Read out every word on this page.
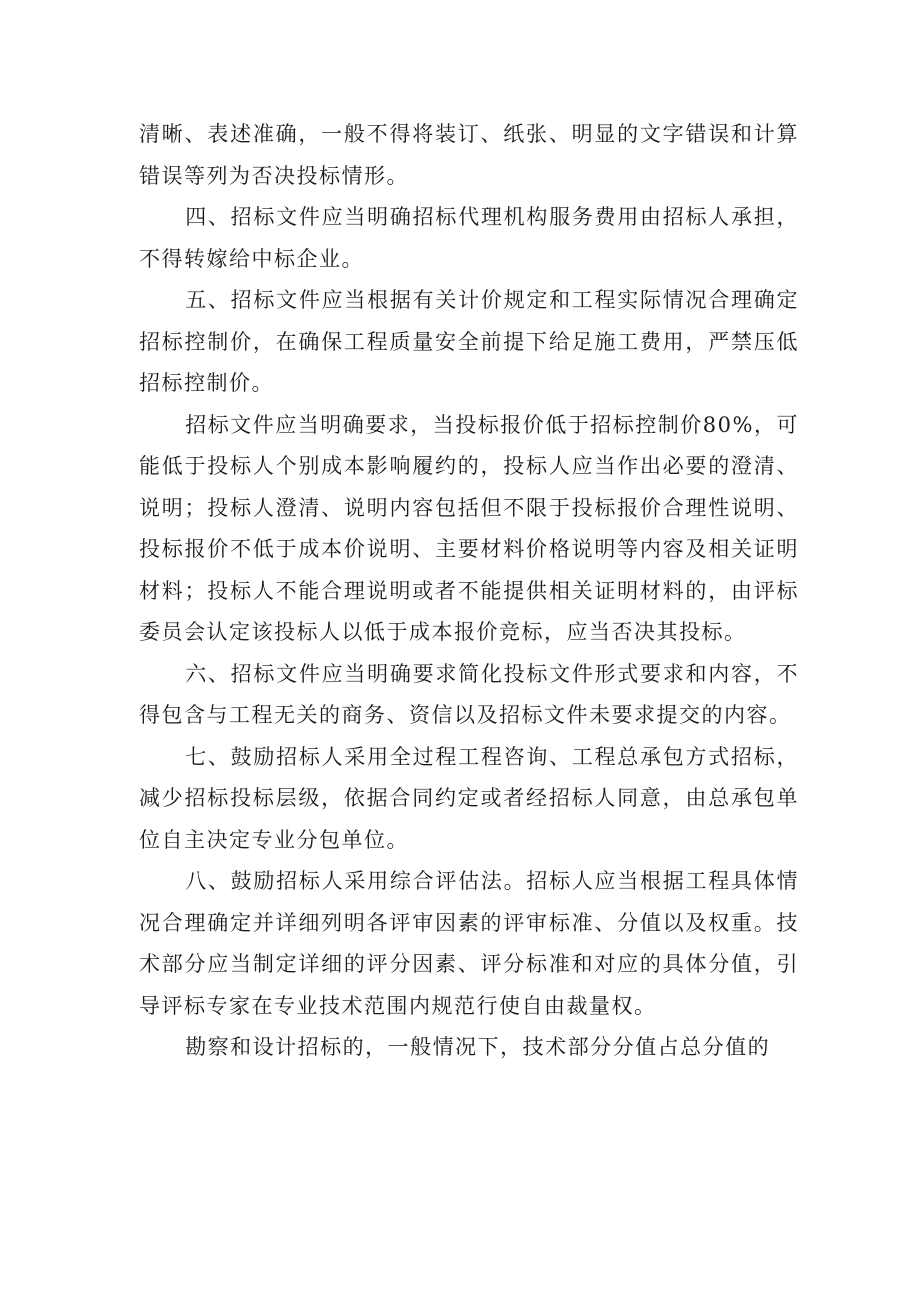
清晰、表述准确，一般不得将装订、纸张、明显的文字错误和计算错误等列为否决投标情形。

四、招标文件应当明确招标代理机构服务费用由招标人承担，不得转嫁给中标企业。

五、招标文件应当根据有关计价规定和工程实际情况合理确定招标控制价，在确保工程质量安全前提下给足施工费用，严禁压低招标控制价。

招标文件应当明确要求，当投标报价低于招标控制价80%，可能低于投标人个别成本影响履约的，投标人应当作出必要的澄清、说明；投标人澄清、说明内容包括但不限于投标报价合理性说明、投标报价不低于成本价说明、主要材料价格说明等内容及相关证明材料；投标人不能合理说明或者不能提供相关证明材料的，由评标委员会认定该投标人以低于成本报价竞标，应当否决其投标。

六、招标文件应当明确要求简化投标文件形式要求和内容，不得包含与工程无关的商务、资信以及招标文件未要求提交的内容。

七、鼓励招标人采用全过程工程咨询、工程总承包方式招标，减少招标投标层级，依据合同约定或者经招标人同意，由总承包单位自主决定专业分包单位。

八、鼓励招标人采用综合评估法。招标人应当根据工程具体情况合理确定并详细列明各评审因素的评审标准、分值以及权重。技术部分应当制定详细的评分因素、评分标准和对应的具体分值，引导评标专家在专业技术范围内规范行使自由裁量权。

勘察和设计招标的，一般情况下，技术部分分值占总分值的
